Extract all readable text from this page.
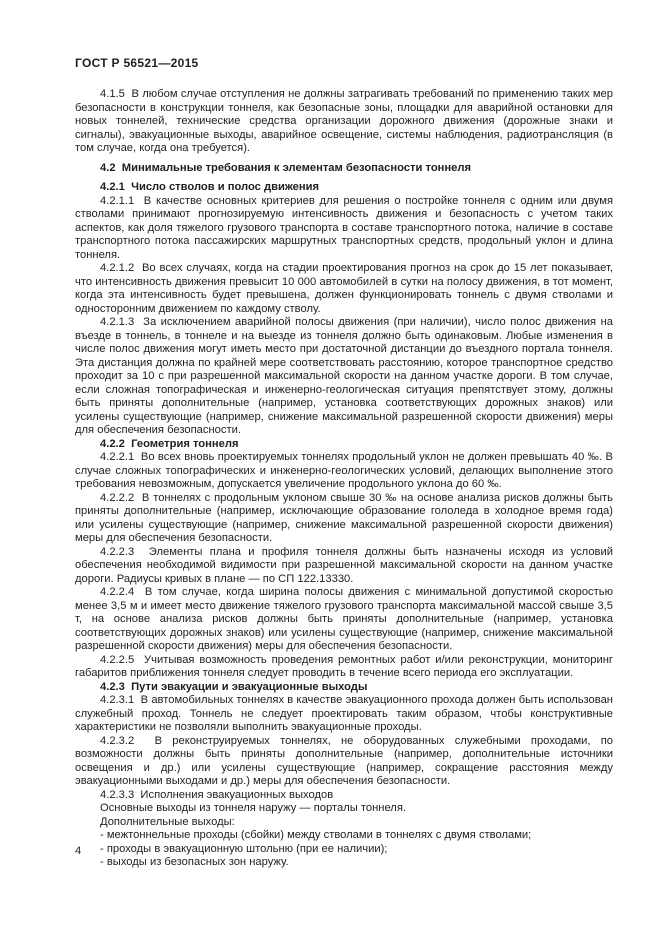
ГОСТ Р 56521—2015

4.1.5  В любом случае отступления не должны затрагивать требований по применению таких мер безопасности в конструкции тоннеля, как безопасные зоны, площадки для аварийной остановки для новых тоннелей, технические средства организации дорожного движения (дорожные знаки и сигналы), эвакуационные выходы, аварийное освещение, системы наблюдения, радиотрансляция (в том случае, когда она требуется).

4.2  Минимальные требования к элементам безопасности тоннеля

4.2.1  Число стволов и полос движения

4.2.1.1  В качестве основных критериев для решения о постройке тоннеля с одним или двумя стволами принимают прогнозируемую интенсивность движения и безопасность с учетом таких аспектов, как доля тяжелого грузового транспорта в составе транспортного потока, наличие в составе транспортного потока пассажирских маршрутных транспортных средств, продольный уклон и длина тоннеля.

4.2.1.2  Во всех случаях, когда на стадии проектирования прогноз на срок до 15 лет показывает, что интенсивность движения превысит 10 000 автомобилей в сутки на полосу движения, в тот момент, когда эта интенсивность будет превышена, должен функционировать тоннель с двумя стволами и односторонним движением по каждому стволу.

4.2.1.3  За исключением аварийной полосы движения (при наличии), число полос движения на въезде в тоннель, в тоннеле и на выезде из тоннеля должно быть одинаковым. Любые изменения в числе полос движения могут иметь место при достаточной дистанции до въездного портала тоннеля. Эта дистанция должна по крайней мере соответствовать расстоянию, которое транспортное средство проходит за 10 с при разрешенной максимальной скорости на данном участке дороги. В том случае, если сложная топографическая и инженерно-геологическая ситуация препятствует этому, должны быть приняты дополнительные (например, установка соответствующих дорожных знаков) или усилены существующие (например, снижение максимальной разрешенной скорости движения) меры для обеспечения безопасности.

4.2.2  Геометрия тоннеля

4.2.2.1  Во всех вновь проектируемых тоннелях продольный уклон не должен превышать 40 ‰. В случае сложных топографических и инженерно-геологических условий, делающих выполнение этого требования невозможным, допускается увеличение продольного уклона до 60 ‰.

4.2.2.2  В тоннелях с продольным уклоном свыше 30 ‰ на основе анализа рисков должны быть приняты дополнительные (например, исключающие образование гололеда в холодное время года) или усилены существующие (например, снижение максимальной разрешенной скорости движения) меры для обеспечения безопасности.

4.2.2.3  Элементы плана и профиля тоннеля должны быть назначены исходя из условий обеспечения необходимой видимости при разрешенной максимальной скорости на данном участке дороги. Радиусы кривых в плане — по СП 122.13330.

4.2.2.4  В том случае, когда ширина полосы движения с минимальной допустимой скоростью менее 3,5 м и имеет место движение тяжелого грузового транспорта максимальной массой свыше 3,5 т, на основе анализа рисков должны быть приняты дополнительные (например, установка соответствующих дорожных знаков) или усилены существующие (например, снижение максимальной разрешенной скорости движения) меры для обеспечения безопасности.

4.2.2.5  Учитывая возможность проведения ремонтных работ и/или реконструкции, мониторинг габаритов приближения тоннеля следует проводить в течение всего периода его эксплуатации.

4.2.3  Пути эвакуации и эвакуационные выходы

4.2.3.1  В автомобильных тоннелях в качестве эвакуационного прохода должен быть использован служебный проход. Тоннель не следует проектировать таким образом, чтобы конструктивные характеристики не позволяли выполнить эвакуационные проходы.

4.2.3.2  В реконструируемых тоннелях, не оборудованных служебными проходами, по возможности должны быть приняты дополнительные (например, дополнительные источники освещения и др.) или усилены существующие (например, сокращение расстояния между эвакуационными выходами и др.) меры для обеспечения безопасности.

4.2.3.3  Исполнения эвакуационных выходов

Основные выходы из тоннеля наружу — порталы тоннеля.

Дополнительные выходы:

- межтоннельные проходы (сбойки) между стволами в тоннелях с двумя стволами;

- проходы в эвакуационную штольню (при ее наличии);

- выходы из безопасных зон наружу.

4
